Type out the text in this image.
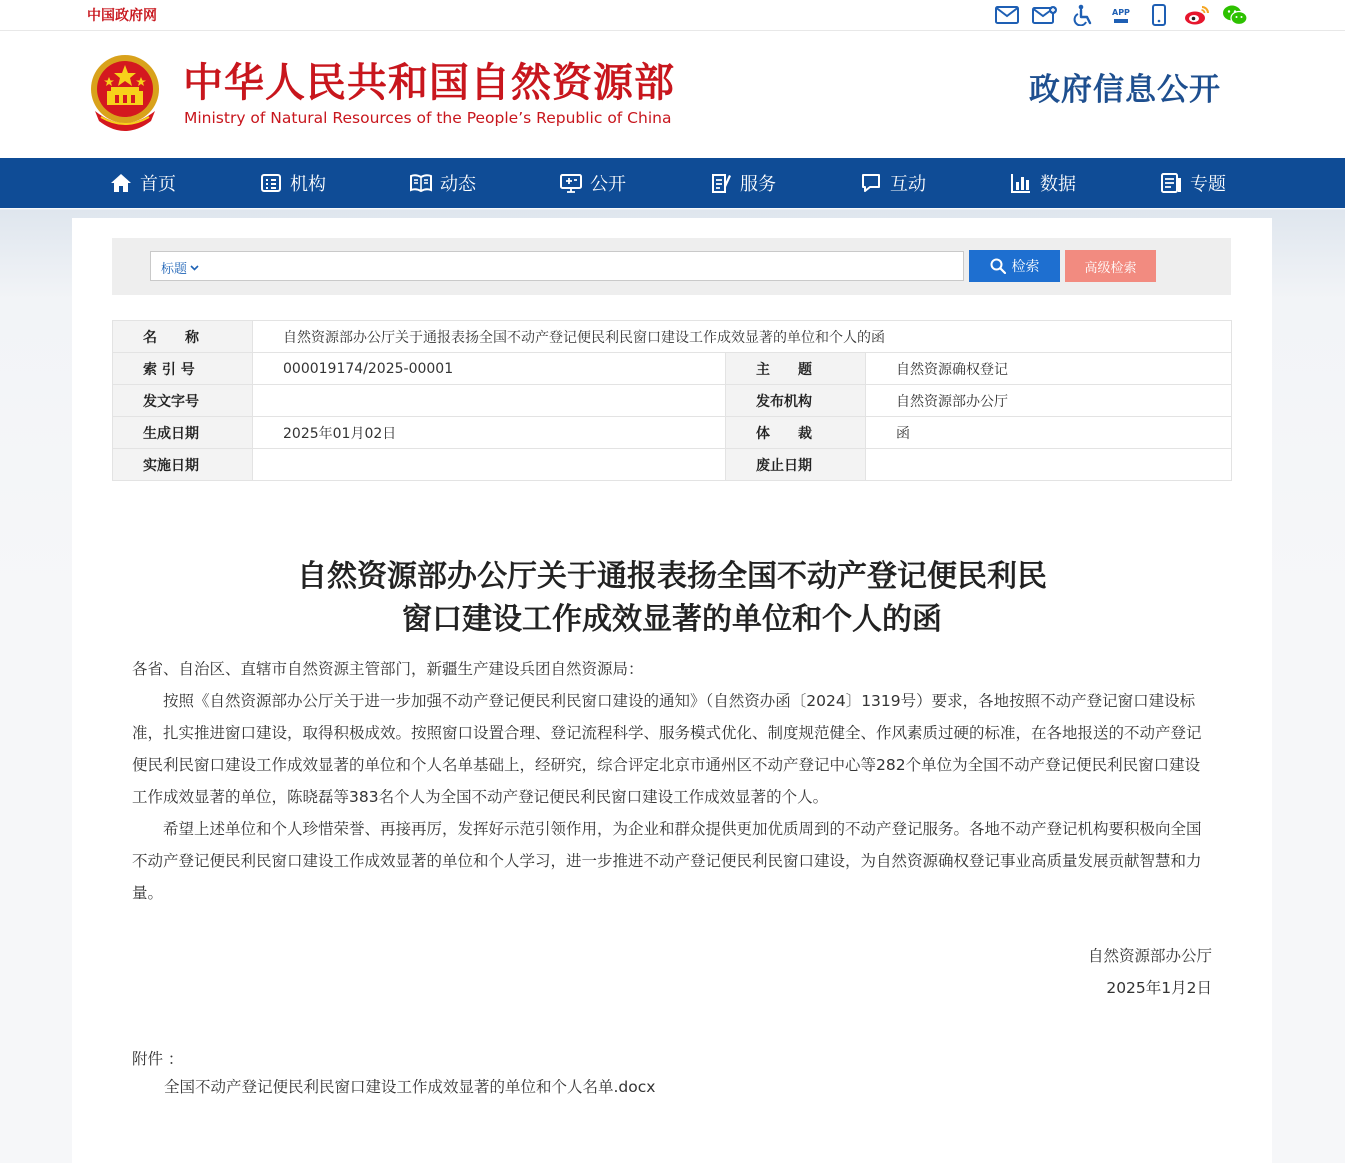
中国政府网	APP
中华人民共和国自然资源部
Ministry of Natural Resources of the People’s Republic of China
政府信息公开
首页	机构	动态	公开	服务	互动	数据	专题
标题	检索	高级检索
名　　称	自然资源部办公厅关于通报表扬全国不动产登记便民利民窗口建设工作成效显著的单位和个人的函		
索 引 号	000019174/2025-00001	主　　题	自然资源确权登记
发文字号		发布机构	自然资源部办公厅
生成日期	2025年01月02日	体　　裁	函
实施日期		废止日期	
自然资源部办公厅关于通报表扬全国不动产登记便民利民
窗口建设工作成效显著的单位和个人的函

各省、自治区、直辖市自然资源主管部门，新疆生产建设兵团自然资源局：

按照《自然资源部办公厅关于进一步加强不动产登记便民利民窗口建设的通知》（自然资办函〔2024〕1319号）要求，各地按照不动产登记窗口建设标准，扎实推进窗口建设，取得积极成效。按照窗口设置合理、登记流程科学、服务模式优化、制度规范健全、作风素质过硬的标准，在各地报送的不动产登记便民利民窗口建设工作成效显著的单位和个人名单基础上，经研究，综合评定北京市通州区不动产登记中心等282个单位为全国不动产登记便民利民窗口建设工作成效显著的单位，陈晓磊等383名个人为全国不动产登记便民利民窗口建设工作成效显著的个人。

希望上述单位和个人珍惜荣誉、再接再厉，发挥好示范引领作用，为企业和群众提供更加优质周到的不动产登记服务。各地不动产登记机构要积极向全国不动产登记便民利民窗口建设工作成效显著的单位和个人学习，进一步推进不动产登记便民利民窗口建设，为自然资源确权登记事业高质量发展贡献智慧和力量。

自然资源部办公厅
2025年1月2日
附件 ：
全国不动产登记便民利民窗口建设工作成效显著的单位和个人名单.docx
